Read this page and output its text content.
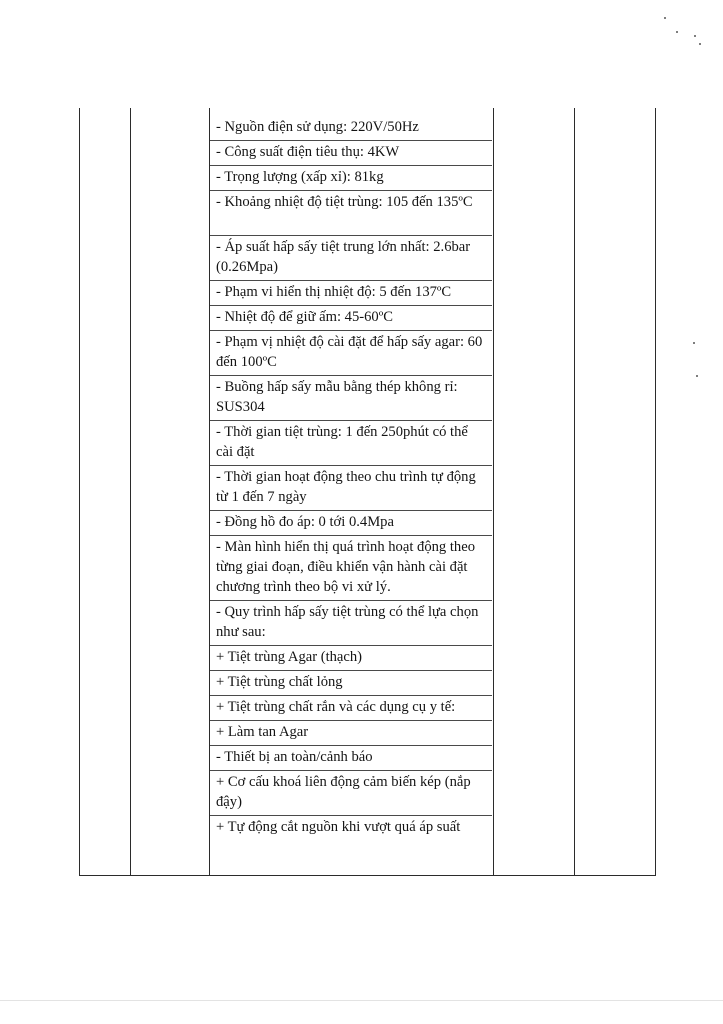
- Nguồn điện sử dụng: 220V/50Hz
- Công suất điện tiêu thụ: 4KW
- Trọng lượng (xấp xỉ): 81kg
- Khoảng nhiệt độ tiệt trùng: 105 đến 135ºC
- Áp suất hấp sấy tiệt trung lớn nhất: 2.6bar (0.26Mpa)
- Phạm vi hiển thị nhiệt độ: 5 đến 137ºC
- Nhiệt độ để giữ ấm: 45-60ºC
- Phạm vị nhiệt độ cài đặt để hấp sấy agar: 60 đến 100ºC
- Buồng hấp sấy mẫu bằng thép không rỉ: SUS304
- Thời gian tiệt trùng: 1 đến 250phút có thể cài đặt
- Thời gian hoạt động theo chu trình tự động từ 1 đến 7 ngày
- Đồng hồ đo áp: 0 tới 0.4Mpa
- Màn hình hiển thị quá trình hoạt động theo từng giai đoạn, điều khiển vận hành cài đặt chương trình theo bộ vi xử lý.
- Quy trình hấp sấy tiệt trùng có thể lựa chọn như sau:
+ Tiệt trùng Agar (thạch)
+ Tiệt trùng chất lỏng
+ Tiệt trùng chất rắn và các dụng cụ y tế:
+ Làm tan Agar
- Thiết bị an toàn/cảnh báo
+ Cơ cấu khoá liên động cảm biến kép (nắp đậy)
+ Tự động cắt nguồn khi vượt quá áp suất
